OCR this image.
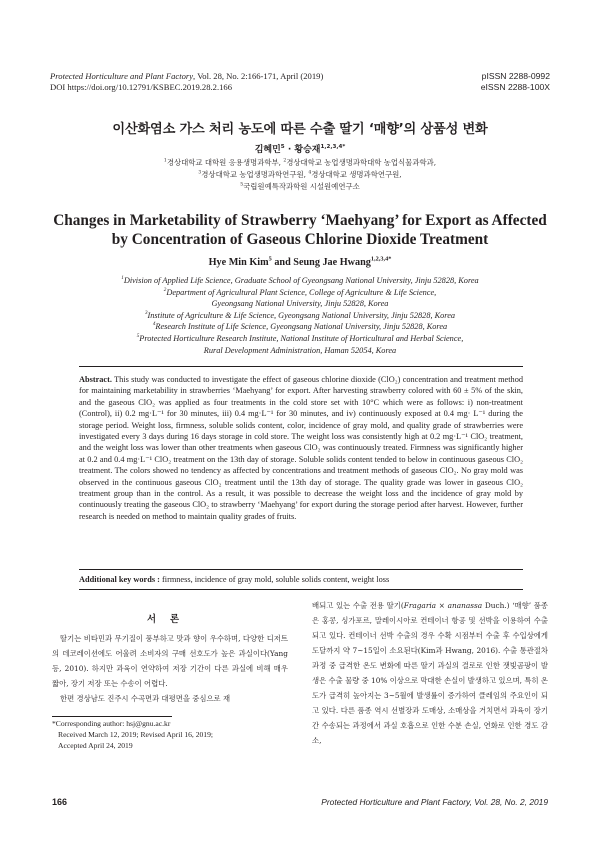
Protected Horticulture and Plant Factory, Vol. 28, No. 2:166-171, April (2019)
DOI https://doi.org/10.12791/KSBEC.2019.28.2.166
pISSN 2288-0992
eISSN 2288-100X
이산화염소 가스 처리 농도에 따른 수출 딸기 ‘매향’의 상품성 변화
김혜민$^5$ · 황승재$^{1,2,3,4*}$
$^1$경상대학교 대학원 응용생명과학부, $^2$경상대학교 농업생명과학대학 농업식물과학과,
$^3$경상대학교 농업생명과학연구원, $^4$경상대학교 생명과학연구원,
$^5$국립원예특작과학원 시설원예연구소
Changes in Marketability of Strawberry ‘Maehyang’ for Export as Affected
by Concentration of Gaseous Chlorine Dioxide Treatment
Hye Min Kim$^5$ and Seung Jae Hwang$^{1,2,3,4*}$
$^1$Division of Applied Life Science, Graduate School of Gyeongsang National University, Jinju 52828, Korea
$^2$Department of Agricultural Plant Science, College of Agriculture & Life Science,
Gyeongsang National University, Jinju 52828, Korea
$^3$Institute of Agriculture & Life Science, Gyeongsang National University, Jinju 52828, Korea
$^4$Research Institute of Life Science, Gyeongsang National University, Jinju 52828, Korea
$^5$Protected Horticulture Research Institute, National Institute of Horticultural and Herbal Science,
Rural Development Administration, Haman 52054, Korea
Abstract. This study was conducted to investigate the effect of gaseous chlorine dioxide (ClO₂) concentration and treatment method for maintaining marketability in strawberries ‘Maehyang’ for export. After harvesting strawberry colored with 60 ± 5% of the skin, and the gaseous ClO₂ was applied as four treatments in the cold store set with 10°C which were as follows: i) non-treatment (Control), ii) 0.2 mg·L⁻¹ for 30 minutes, iii) 0.4 mg·L⁻¹ for 30 minutes, and iv) continuously exposed at 0.4 mg· L⁻¹ during the storage period. Weight loss, firmness, soluble solids content, color, incidence of gray mold, and quality grade of strawberries were investigated every 3 days during 16 days storage in cold store. The weight loss was consistently high at 0.2 mg·L⁻¹ ClO₂ treatment, and the weight loss was lower than other treatments when gaseous ClO₂ was continuously treated. Firmness was significantly higher at 0.2 and 0.4 mg·L⁻¹ ClO₂ treatment on the 13th day of storage. Soluble solids content tended to below in continuous gaseous ClO₂ treatment. The colors showed no tendency as affected by concentrations and treatment methods of gaseous ClO₂. No gray mold was observed in the continuous gaseous ClO₂ treatment until the 13th day of storage. The quality grade was lower in gaseous ClO₂ treatment group than in the control. As a result, it was possible to decrease the weight loss and the incidence of gray mold by continuously treating the gaseous ClO₂ to strawberry ‘Maehyang’ for export during the storage period after harvest. However, further research is needed on method to maintain quality grades of fruits.
Additional key words : firmness, incidence of gray mold, soluble solids content, weight loss
서론

딸기는 비타민과 무기질이 풍부하고 맛과 향이 우수하며, 다양한 디저트의 데코레이션에도 어울려 소비자의 구매 선호도가 높은 과실이다(Yang 등, 2010). 하지만 과육이 연약하여 저장 기간이 다른 과실에 비해 매우 짧아, 장기 저장 또는 수송이 어렵다.

한편 경상남도 진주시 수곡면과 대평면을 중심으로 재

배되고 있는 수출 전용 딸기(Fragaria × ananassa Duch.) ‘매향’ 품종은 홍콩, 싱가포르, 말레이시아로 컨테이너 항공 및 선박을 이용하여 수출되고 있다. 컨테이너 선박 수출의 경우 수확 시점부터 수출 후 수입상에게 도달까지 약 7~15일이 소요된다(Kim과 Hwang, 2016). 수출 통관절차 과정 중 급격한 온도 변화에 따른 딸기 과실의 결로로 인한 잿빛곰팡이 발생은 수출 물량 중 10% 이상으로 막대한 손실이 발생하고 있으며, 특히 온도가 급격히 높아지는 3~5월에 발생률이 증가하여 클레임의 주요인이 되고 있다. 다른 품종 역시 선별장과 도매상, 소매상을 거치면서 과육이 장기간 수송되는 과정에서 과실 호흡으로 인한 수분 손실, 연화로 인한 경도 감소,

*Corresponding author: hsj@gnu.ac.kr
Received March 12, 2019; Revised April 16, 2019;
Accepted April 24, 2019
166	Protected Horticulture and Plant Factory, Vol. 28, No. 2, 2019
